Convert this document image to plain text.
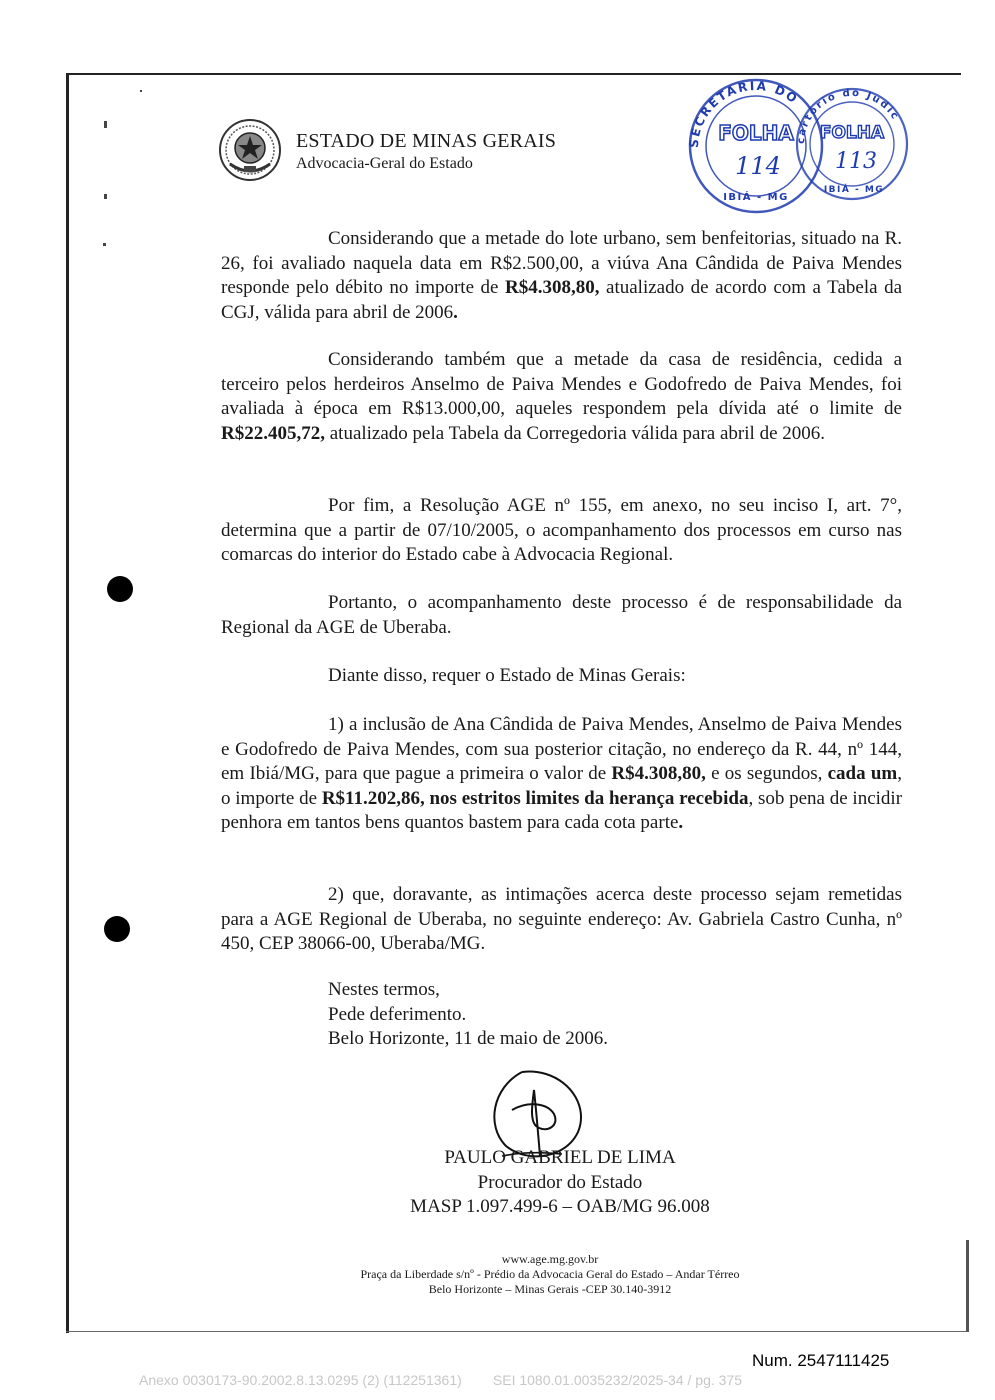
ESTADO DE MINAS GERAIS
Advocacia-Geral do Estado
SECRETARIA DO
cartório do Judic
FOLHA FOLHA
114 113
IBIÁ - MG
IBIÁ - MG
Considerando que a metade do lote urbano, sem benfeitorias, situado na R. 26, foi avaliado naquela data em R$2.500,00, a viúva Ana Cândida de Paiva Mendes responde pelo débito no importe de R$4.308,80, atualizado de acordo com a Tabela da CGJ, válida para abril de 2006.
Considerando também que a metade da casa de residência, cedida a terceiro pelos herdeiros Anselmo de Paiva Mendes e Godofredo de Paiva Mendes, foi avaliada à época em R$13.000,00, aqueles respondem pela dívida até o limite de R$22.405,72, atualizado pela Tabela da Corregedoria válida para abril de 2006.
Por fim, a Resolução AGE nº 155, em anexo, no seu inciso I, art. 7°, determina que a partir de 07/10/2005, o acompanhamento dos processos em curso nas comarcas do interior do Estado cabe à Advocacia Regional.
Portanto, o acompanhamento deste processo é de responsabilidade da Regional da AGE de Uberaba.
Diante disso, requer o Estado de Minas Gerais:
1) a inclusão de Ana Cândida de Paiva Mendes, Anselmo de Paiva Mendes e Godofredo de Paiva Mendes, com sua posterior citação, no endereço da R. 44, nº 144, em Ibiá/MG, para que pague a primeira o valor de R$4.308,80, e os segundos, cada um, o importe de R$11.202,86, nos estritos limites da herança recebida, sob pena de incidir penhora em tantos bens quantos bastem para cada cota parte.
2) que, doravante, as intimações acerca deste processo sejam remetidas para a AGE Regional de Uberaba, no seguinte endereço: Av. Gabriela Castro Cunha, nº 450, CEP 38066-00, Uberaba/MG.
Nestes termos,
Pede deferimento.
Belo Horizonte, 11 de maio de 2006.
PAULO GABRIEL DE LIMA
Procurador do Estado
MASP 1.097.499-6 – OAB/MG 96.008
www.age.mg.gov.br
Praça da Liberdade s/nº - Prédio da Advocacia Geral do Estado – Andar Térreo
Belo Horizonte – Minas Gerais -CEP 30.140-3912
Num. 2547111425
Anexo 0030173-90.2002.8.13.0295 (2) (112251361)        SEI 1080.01.0035232/2025-34 / pg. 375
